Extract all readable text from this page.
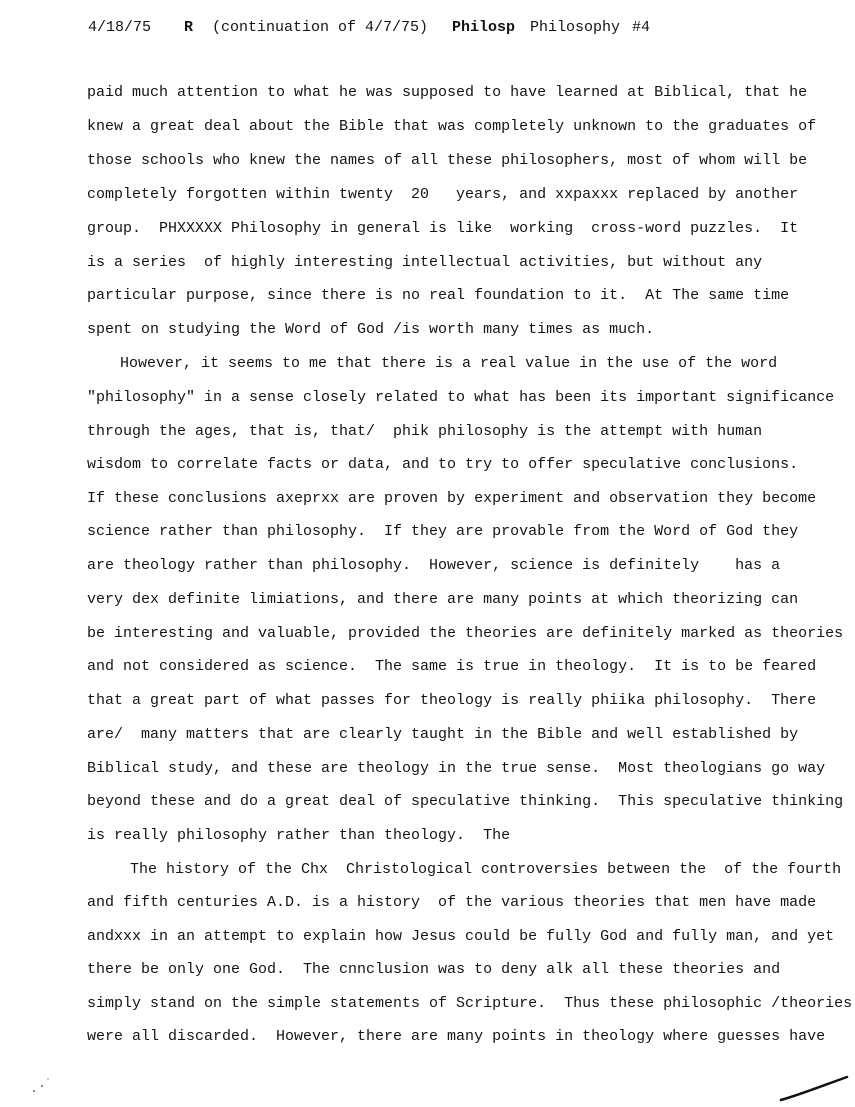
4/18/75

R

(continuation of 4/7/75)

Philosp

Philosophy

#4

paid much attention to what he was supposed to have learned at Biblical, that he

knew a great deal about the Bible that was completely unknown to the graduates of

those schools who knew the names of all these philosophers, most of whom will be

completely forgotten within twenty  20   years, and xxpaxxx replaced by another

group.  PHXXXXX Philosophy in general is like  working  cross-word puzzles.  It

is a series  of highly interesting intellectual activities, but without any

particular purpose, since there is no real foundation to it.  At The same time

spent on studying the Word of God /is worth many times as much.

However, it seems to me that there is a real value in the use of the word

"philosophy" in a sense closely related to what has been its important significance

through the ages, that is, that/  phik philosophy is the attempt with human

wisdom to correlate facts or data, and to try to offer speculative conclusions.

If these conclusions axeprxx are proven by experiment and observation they become

science rather than philosophy.  If they are provable from the Word of God they

are theology rather than philosophy.  However, science is definitely    has a

very dex definite limiations, and there are many points at which theorizing can

be interesting and valuable, provided the theories are definitely marked as theories

and not considered as science.  The same is true in theology.  It is to be feared

that a great part of what passes for theology is really phiika philosophy.  There

are/  many matters that are clearly taught in the Bible and well established by

Biblical study, and these are theology in the true sense.  Most theologians go way

beyond these and do a great deal of speculative thinking.  This speculative thinking

is really philosophy rather than theology.  The

The history of the Chx  Christological controversies between the  of the fourth

and fifth centuries A.D. is a history  of the various theories that men have made

andxxx in an attempt to explain how Jesus could be fully God and fully man, and yet

there be only one God.  The cnnclusion was to deny alk all these theories and

simply stand on the simple statements of Scripture.  Thus these philosophic /theories

were all discarded.  However, there are many points in theology where guesses have
